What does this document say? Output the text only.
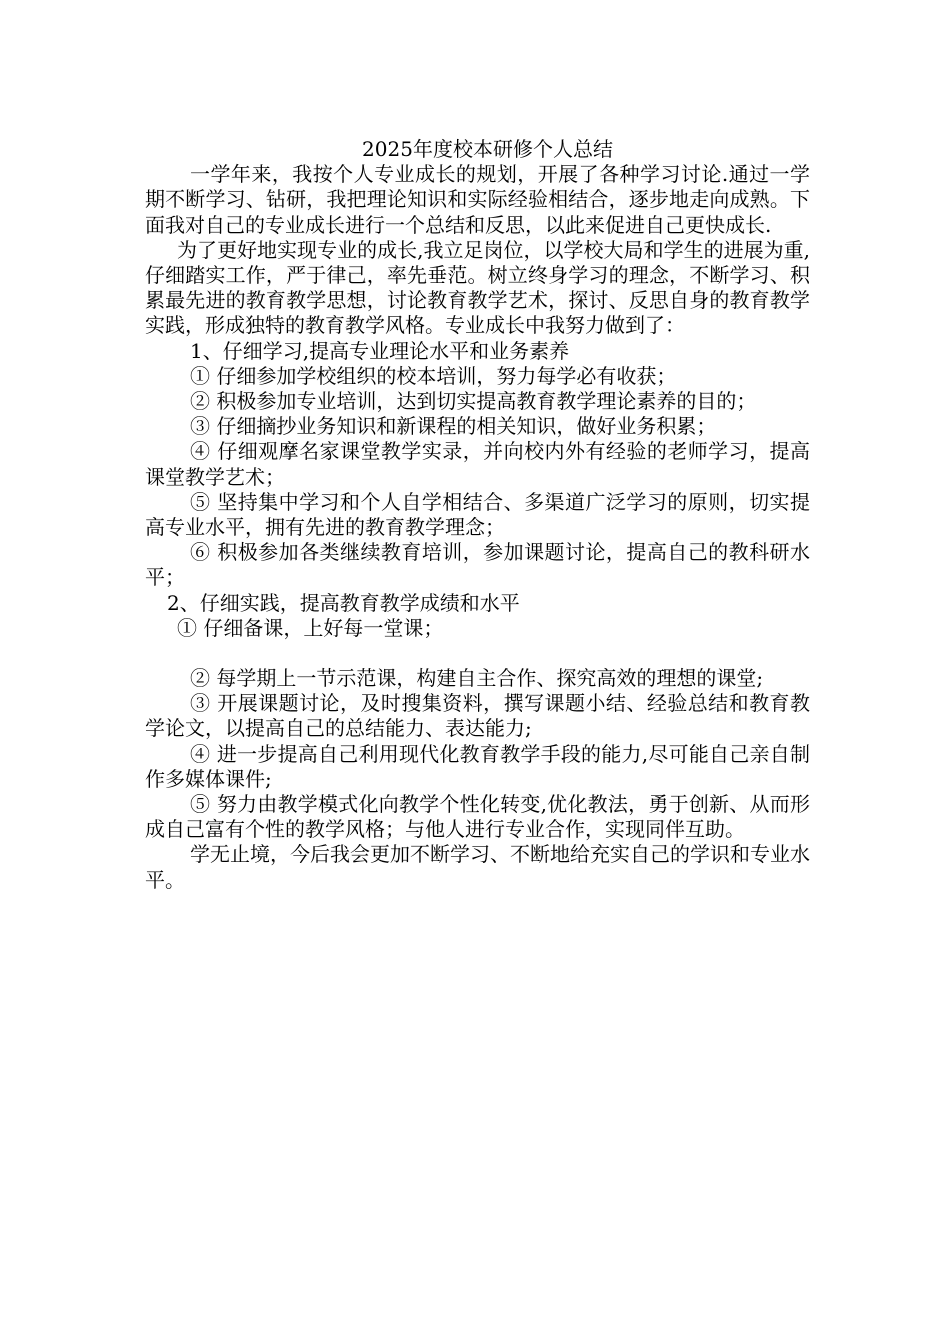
2025年度校本研修个人总结

一学年来，我按个人专业成长的规划，开展了各种学习讨论.通过一学期不断学习、钻研，我把理论知识和实际经验相结合，逐步地走向成熟。下面我对自己的专业成长进行一个总结和反思，以此来促进自己更快成长.

为了更好地实现专业的成长,我立足岗位，以学校大局和学生的进展为重,仔细踏实工作，严于律己，率先垂范。树立终身学习的理念，不断学习、积累最先进的教育教学思想，讨论教育教学艺术，探讨、反思自身的教育教学实践，形成独特的教育教学风格。专业成长中我努力做到了：

1、仔细学习,提高专业理论水平和业务素养

① 仔细参加学校组织的校本培训，努力每学必有收获；

② 积极参加专业培训，达到切实提高教育教学理论素养的目的；

③ 仔细摘抄业务知识和新课程的相关知识，做好业务积累；

④ 仔细观摩名家课堂教学实录，并向校内外有经验的老师学习，提高课堂教学艺术；

⑤ 坚持集中学习和个人自学相结合、多渠道广泛学习的原则，切实提高专业水平，拥有先进的教育教学理念；

⑥ 积极参加各类继续教育培训，参加课题讨论，提高自己的教科研水平；

2、仔细实践，提高教育教学成绩和水平

① 仔细备课，上好每一堂课；

② 每学期上一节示范课，构建自主合作、探究高效的理想的课堂;

③ 开展课题讨论，及时搜集资料，撰写课题小结、经验总结和教育教学论文，以提高自己的总结能力、表达能力;

④ 进一步提高自己利用现代化教育教学手段的能力,尽可能自己亲自制作多媒体课件;

⑤ 努力由教学模式化向教学个性化转变,优化教法，勇于创新、从而形成自己富有个性的教学风格；与他人进行专业合作，实现同伴互助。

学无止境，今后我会更加不断学习、不断地给充实自己的学识和专业水平。
